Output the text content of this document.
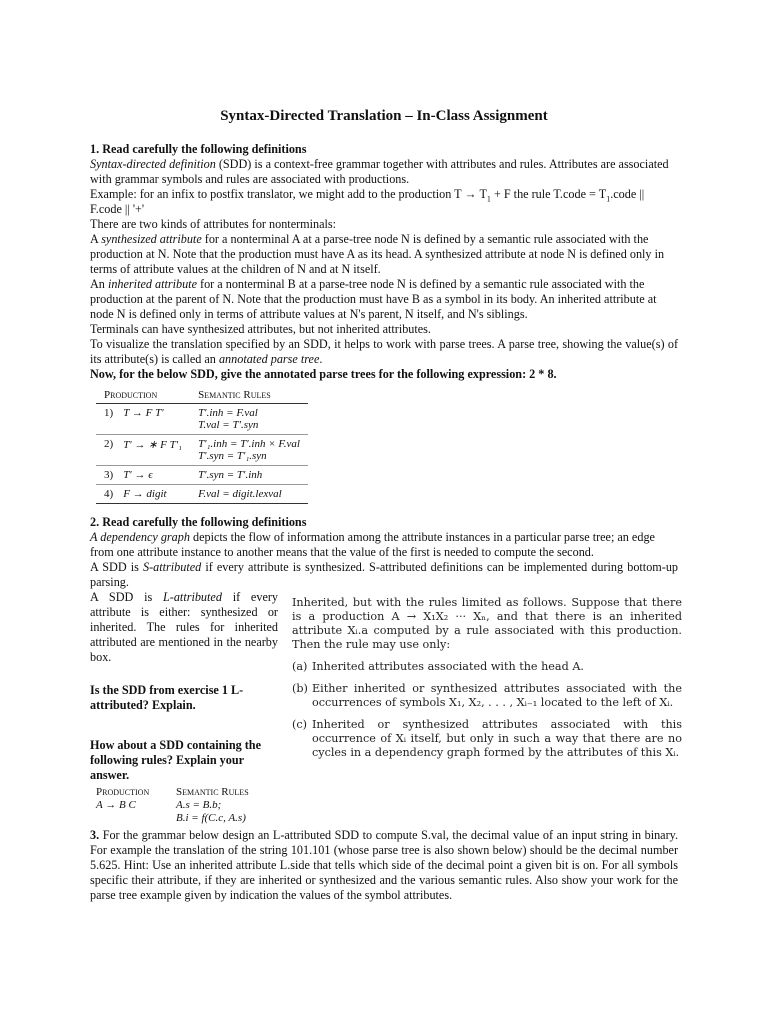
Syntax-Directed Translation – In-Class Assignment

1. Read carefully the following definitions

Syntax-directed definition (SDD) is a context-free grammar together with attributes and rules. Attributes are associated with grammar symbols and rules are associated with productions.

Example: for an infix to postfix translator, we might add to the production $T \to T_1 + F$ the rule T.code = $T_1.code$ || F.code || '+'

There are two kinds of attributes for nonterminals:

A synthesized attribute for a nonterminal A at a parse-tree node N is defined by a semantic rule associated with the production at N. Note that the production must have A as its head. A synthesized attribute at node N is defined only in terms of attribute values at the children of N and at N itself.

An inherited attribute for a nonterminal B at a parse-tree node N is defined by a semantic rule associated with the production at the parent of N. Note that the production must have B as a symbol in its body. An inherited attribute at node N is defined only in terms of attribute values at N's parent, N itself, and N's siblings.

Terminals can have synthesized attributes, but not inherited attributes.

To visualize the translation specified by an SDD, it helps to work with parse trees. A parse tree, showing the value(s) of its attribute(s) is called an annotated parse tree.

Now, for the below SDD, give the annotated parse trees for the following expression: 2 * 8.

Production		Semantic Rules
1)	T → F T′	T′.inh = F.val
T.val = T′.syn

2)	T′ → ∗ F T′₁	T′₁.inh = T′.inh × F.val
T′.syn = T′₁.syn

3)	T′ → ϵ	T′.syn = T′.inh

4)	F → digit	F.val = digit.lexval

2. Read carefully the following definitions

A dependency graph depicts the flow of information among the attribute instances in a particular parse tree; an edge from one attribute instance to another means that the value of the first is needed to compute the second.

A SDD is S-attributed if every attribute is synthesized. S-attributed definitions can be implemented during bottom-up parsing.

A SDD is L-attributed if every attribute is either: synthesized or inherited. The rules for inherited attributed are mentioned in the nearby box.
Is the SDD from exercise 1 L-attributed? Explain.
How about a SDD containing the following rules? Explain your answer.

Inherited, but with the rules limited as follows. Suppose that there is a production A → X₁X₂ ··· Xₙ, and that there is an inherited attribute Xᵢ.a computed by a rule associated with this production. Then the rule may use only:

(a) Inherited attributes associated with the head A.
(b) Either inherited or synthesized attributes associated with the occurrences of symbols X₁, X₂, . . . , Xᵢ₋₁ located to the left of Xᵢ.
(c) Inherited or synthesized attributes associated with this occurrence of Xᵢ itself, but only in such a way that there are no cycles in a dependency graph formed by the attributes of this Xᵢ.
Production	Semantic Rules
A → B C	A.s = B.b;
B.i = f(C.c, A.s)
3. For the grammar below design an L-attributed SDD to compute S.val, the decimal value of an input string in binary. For example the translation of the string 101.101 (whose parse tree is also shown below) should be the decimal number 5.625. Hint: Use an inherited attribute L.side that tells which side of the decimal point a given bit is on. For all symbols specific their attribute, if they are inherited or synthesized and the various semantic rules. Also show your work for the parse tree example given by indication the values of the symbol attributes.
